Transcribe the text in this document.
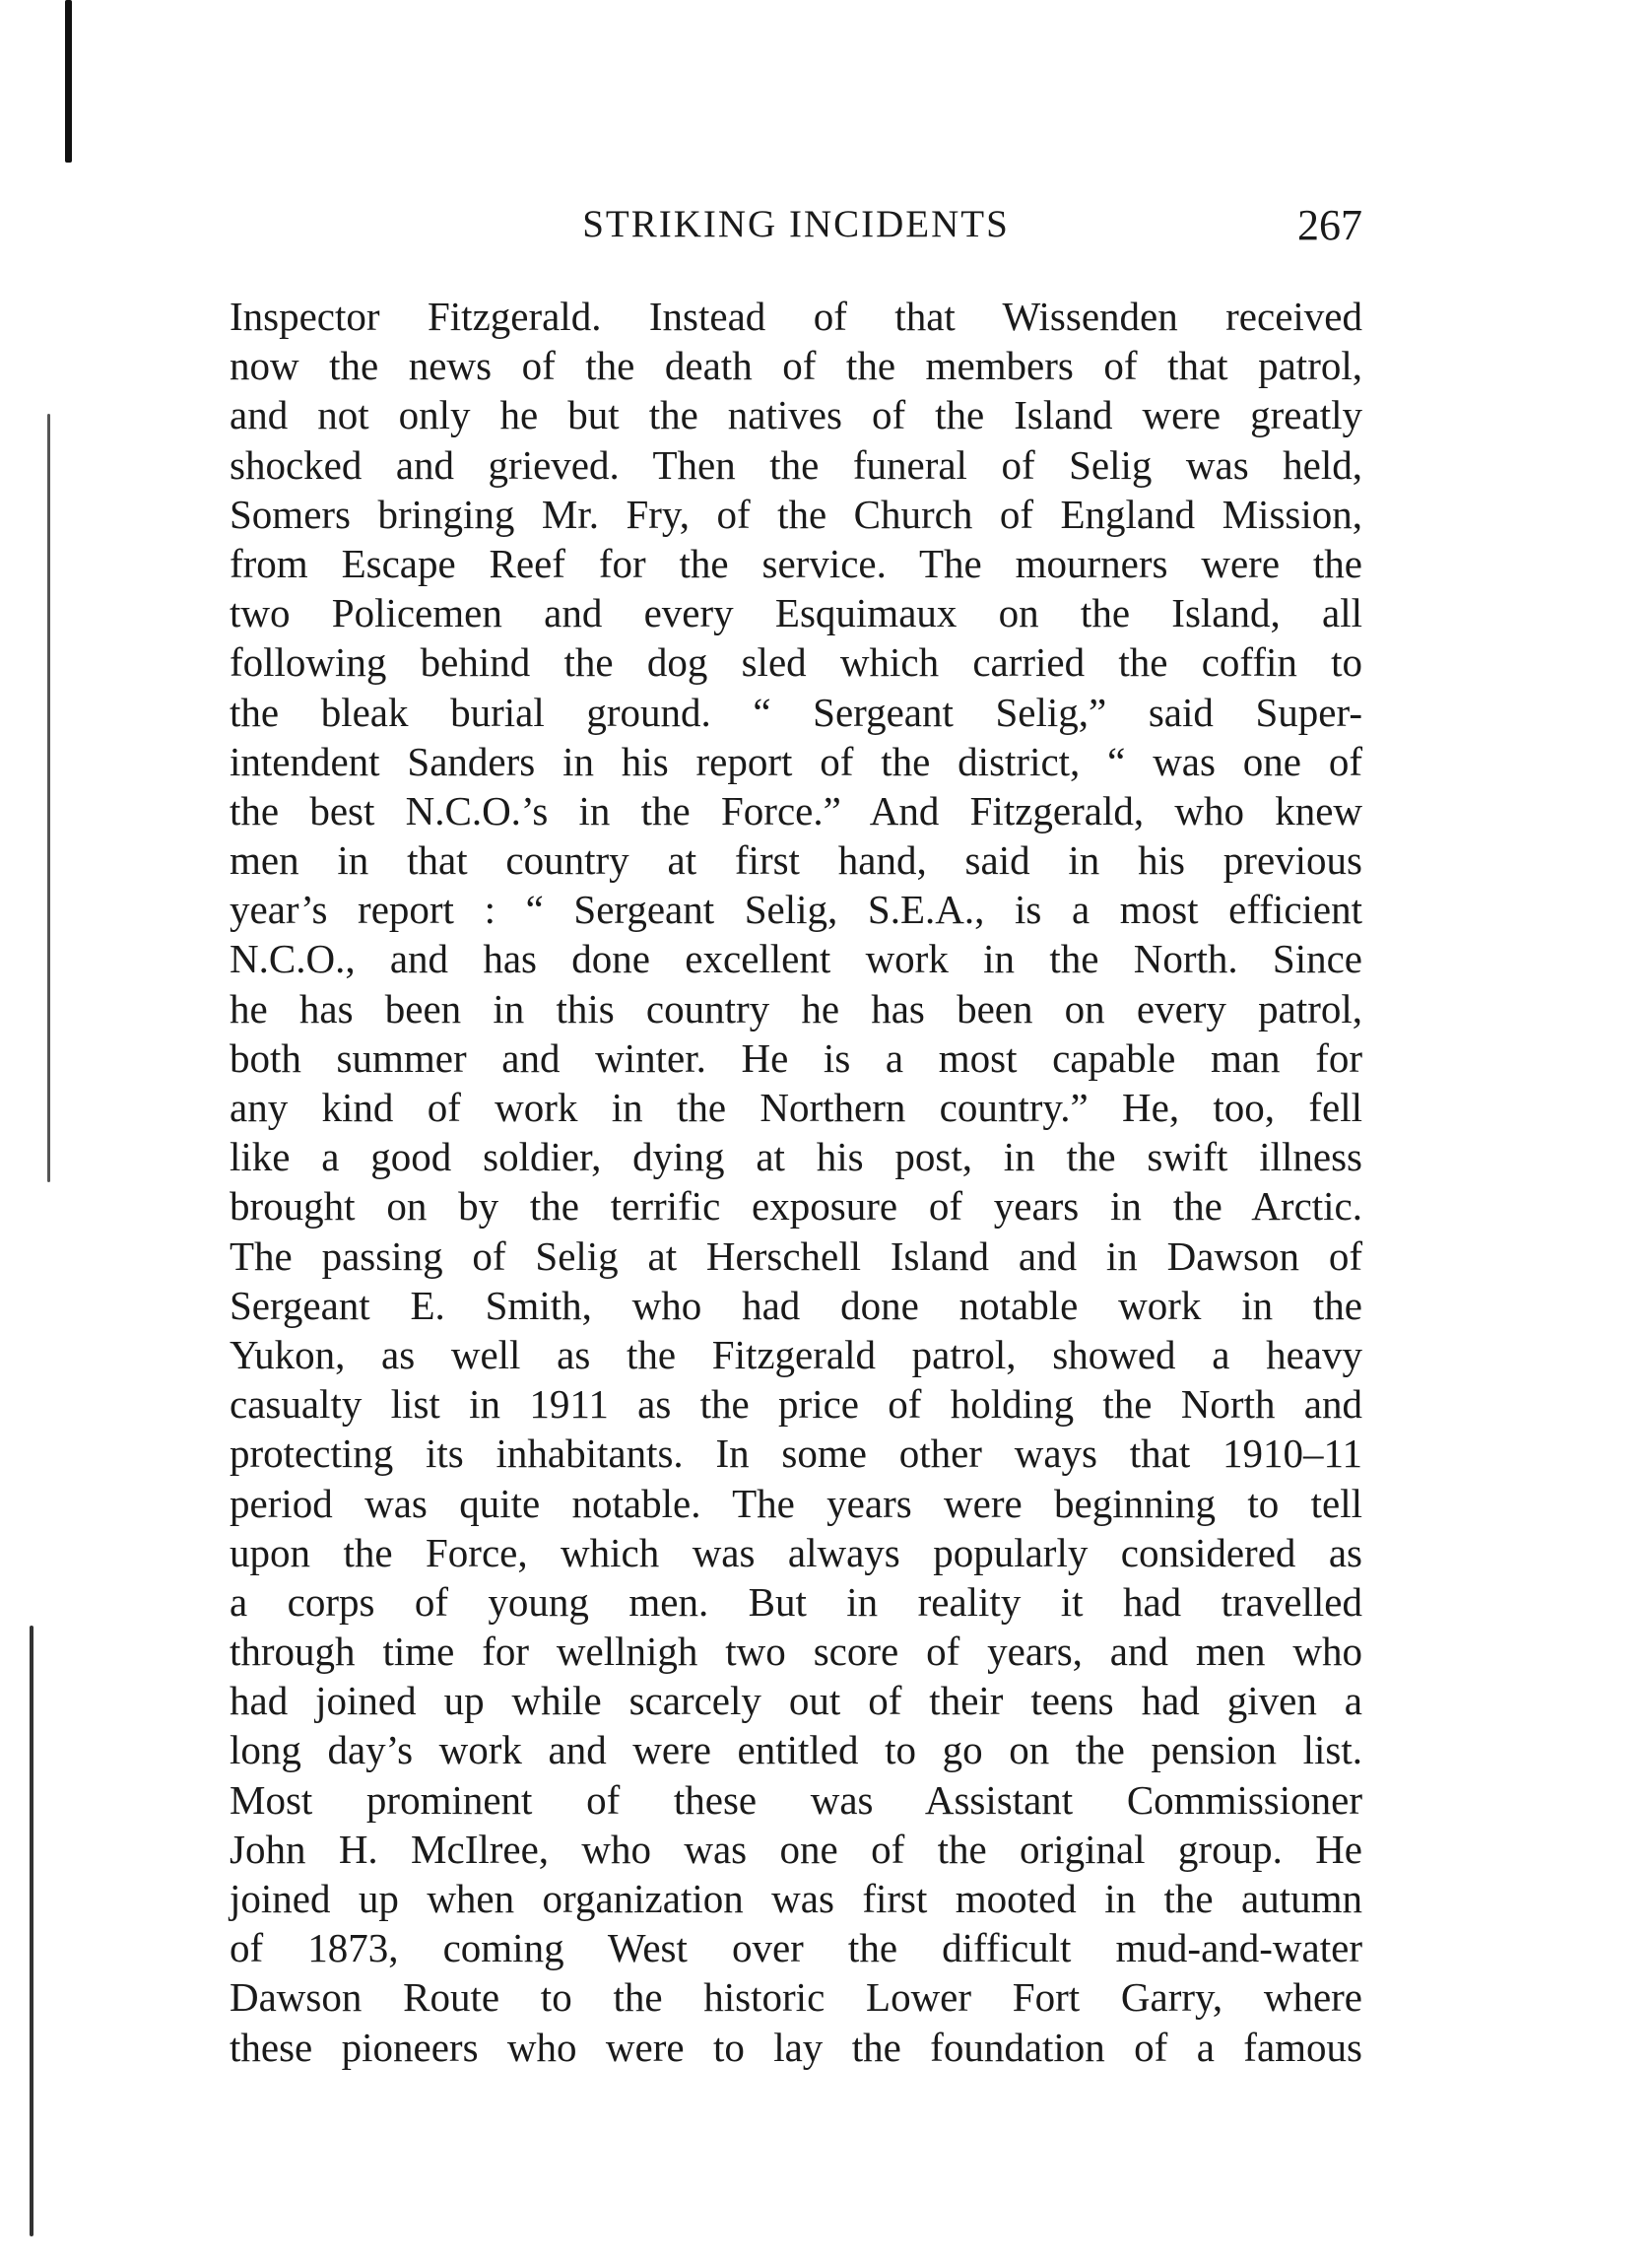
STRIKING INCIDENTS	267
Inspector Fitzgerald. Instead of that Wissenden received
now the news of the death of the members of that patrol,
and not only he but the natives of the Island were greatly
shocked and grieved. Then the funeral of Selig was held,
Somers bringing Mr. Fry, of the Church of England Mission,
from Escape Reef for the service. The mourners were the
two Policemen and every Esquimaux on the Island, all
following behind the dog sled which carried the coffin to
the bleak burial ground. “ Sergeant Selig,” said Super-
intendent Sanders in his report of the district, “ was one of
the best N.C.O.’s in the Force.” And Fitzgerald, who knew
men in that country at first hand, said in his previous
year’s report : “ Sergeant Selig, S.E.A., is a most efficient
N.C.O., and has done excellent work in the North. Since
he has been in this country he has been on every patrol,
both summer and winter. He is a most capable man for
any kind of work in the Northern country.” He, too, fell
like a good soldier, dying at his post, in the swift illness
brought on by the terrific exposure of years in the Arctic.
The passing of Selig at Herschell Island and in Dawson of
Sergeant E. Smith, who had done notable work in the
Yukon, as well as the Fitzgerald patrol, showed a heavy
casualty list in 1911 as the price of holding the North and
protecting its inhabitants. In some other ways that 1910–11
period was quite notable. The years were beginning to tell
upon the Force, which was always popularly considered as
a corps of young men. But in reality it had travelled
through time for wellnigh two score of years, and men who
had joined up while scarcely out of their teens had given a
long day’s work and were entitled to go on the pension list.
Most prominent of these was Assistant Commissioner
John H. McIlree, who was one of the original group. He
joined up when organization was first mooted in the autumn
of 1873, coming West over the difficult mud-and-water
Dawson Route to the historic Lower Fort Garry, where
these pioneers who were to lay the foundation of a famous
